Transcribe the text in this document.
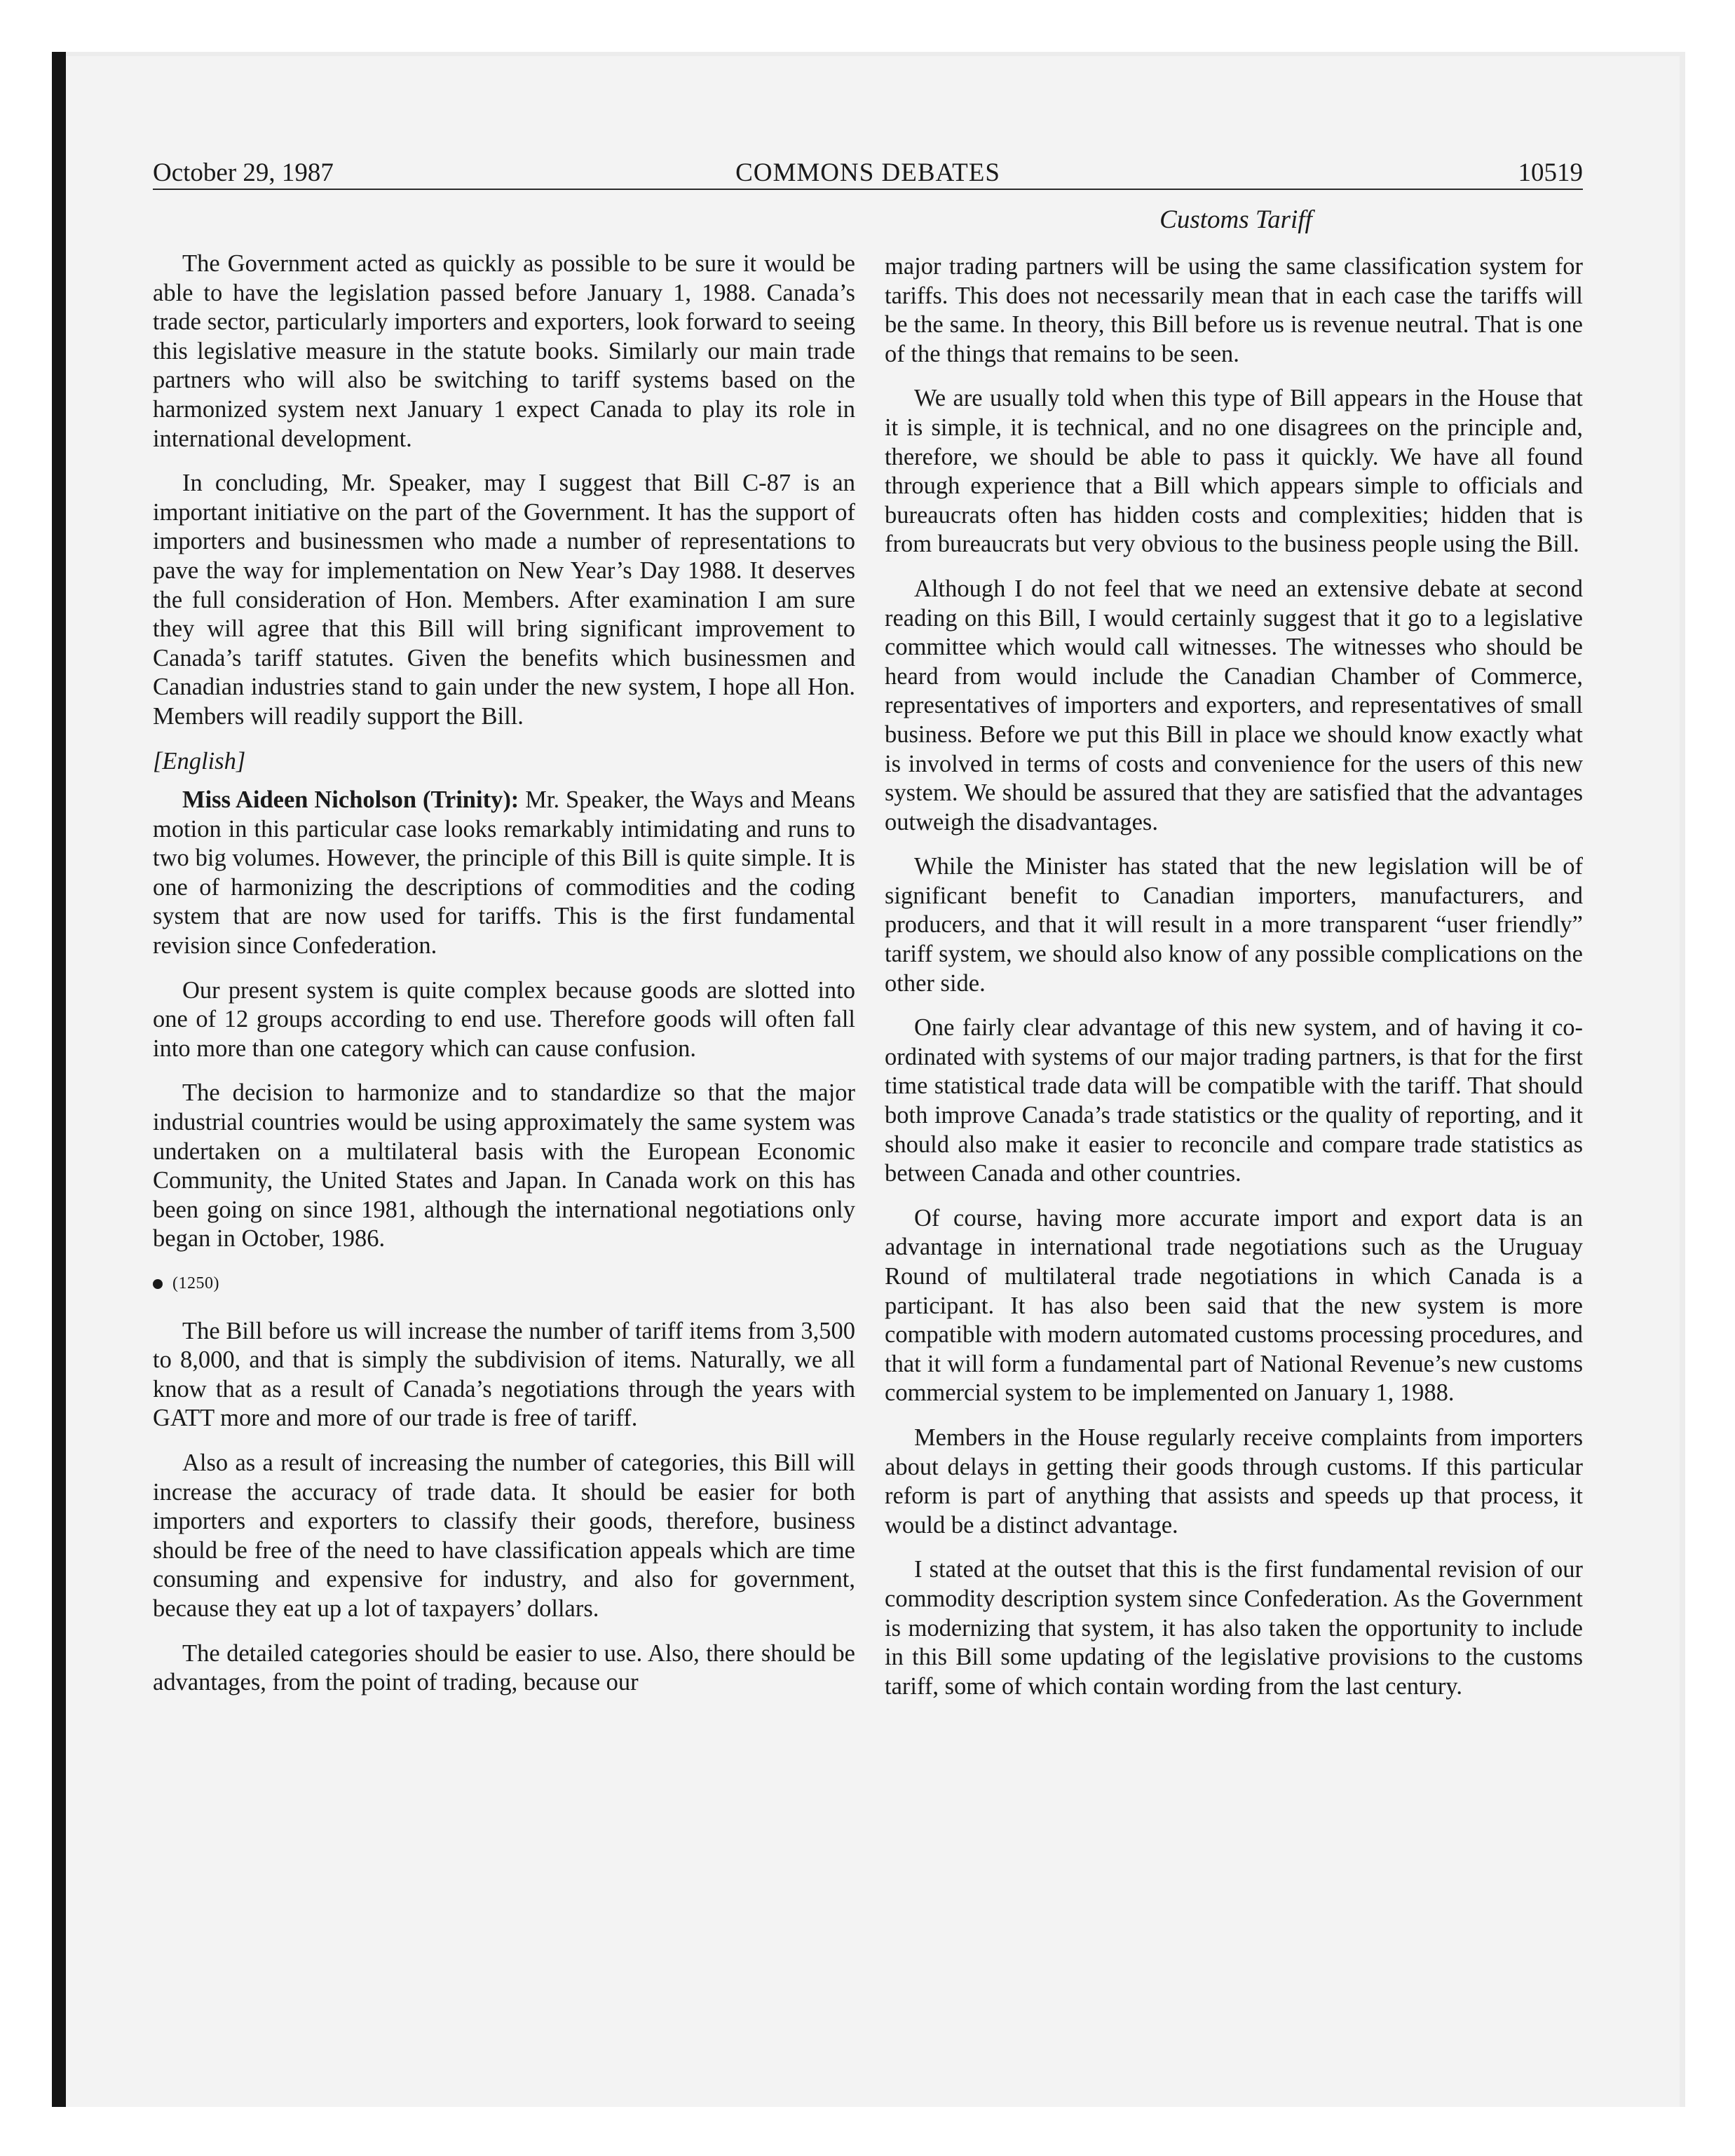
October 29, 1987	COMMONS DEBATES	10519
Customs Tariff

The Government acted as quickly as possible to be sure it would be able to have the legislation passed before January 1, 1988. Canada’s trade sector, particularly importers and exporters, look forward to seeing this legislative measure in the statute books. Similarly our main trade partners who will also be switching to tariff systems based on the harmonized system next January 1 expect Canada to play its role in international development.

In concluding, Mr. Speaker, may I suggest that Bill C-87 is an important initiative on the part of the Government. It has the support of importers and businessmen who made a number of representations to pave the way for implementation on New Year’s Day 1988. It deserves the full consideration of Hon. Members. After examination I am sure they will agree that this Bill will bring significant improvement to Canada’s tariff statutes. Given the benefits which businessmen and Canadian industries stand to gain under the new system, I hope all Hon. Members will readily support the Bill.

[English]

Miss Aideen Nicholson (Trinity): Mr. Speaker, the Ways and Means motion in this particular case looks remarkably intimidating and runs to two big volumes. However, the principle of this Bill is quite simple. It is one of harmonizing the descriptions of commodities and the coding system that are now used for tariffs. This is the first fundamental revision since Confederation.

Our present system is quite complex because goods are slotted into one of 12 groups according to end use. Therefore goods will often fall into more than one category which can cause confusion.

The decision to harmonize and to standardize so that the major industrial countries would be using approximately the same system was undertaken on a multilateral basis with the European Economic Community, the United States and Japan. In Canada work on this has been going on since 1981, although the international negotiations only began in October, 1986.

(1250)

The Bill before us will increase the number of tariff items from 3,500 to 8,000, and that is simply the subdivision of items. Naturally, we all know that as a result of Canada’s negotiations through the years with GATT more and more of our trade is free of tariff.

Also as a result of increasing the number of categories, this Bill will increase the accuracy of trade data. It should be easier for both importers and exporters to classify their goods, therefore, business should be free of the need to have classification appeals which are time consuming and expensive for industry, and also for government, because they eat up a lot of taxpayers’ dollars.

The detailed categories should be easier to use. Also, there should be advantages, from the point of trading, because our

major trading partners will be using the same classification system for tariffs. This does not necessarily mean that in each case the tariffs will be the same. In theory, this Bill before us is revenue neutral. That is one of the things that remains to be seen.

We are usually told when this type of Bill appears in the House that it is simple, it is technical, and no one disagrees on the principle and, therefore, we should be able to pass it quickly. We have all found through experience that a Bill which appears simple to officials and bureaucrats often has hidden costs and complexities; hidden that is from bureaucrats but very obvious to the business people using the Bill.

Although I do not feel that we need an extensive debate at second reading on this Bill, I would certainly suggest that it go to a legislative committee which would call witnesses. The witnesses who should be heard from would include the Canadian Chamber of Commerce, representatives of importers and exporters, and representatives of small business. Before we put this Bill in place we should know exactly what is involved in terms of costs and convenience for the users of this new system. We should be assured that they are satisfied that the advantages outweigh the disadvantages.

While the Minister has stated that the new legislation will be of significant benefit to Canadian importers, manufacturers, and producers, and that it will result in a more transparent “user friendly” tariff system, we should also know of any possible complications on the other side.

One fairly clear advantage of this new system, and of having it co-ordinated with systems of our major trading partners, is that for the first time statistical trade data will be compatible with the tariff. That should both improve Canada’s trade statistics or the quality of reporting, and it should also make it easier to reconcile and compare trade statistics as between Canada and other countries.

Of course, having more accurate import and export data is an advantage in international trade negotiations such as the Uruguay Round of multilateral trade negotiations in which Canada is a participant. It has also been said that the new system is more compatible with modern automated customs processing procedures, and that it will form a fundamental part of National Revenue’s new customs commercial system to be implemented on January 1, 1988.

Members in the House regularly receive complaints from importers about delays in getting their goods through customs. If this particular reform is part of anything that assists and speeds up that process, it would be a distinct advantage.

I stated at the outset that this is the first fundamental revision of our commodity description system since Confederation. As the Government is modernizing that system, it has also taken the opportunity to include in this Bill some updating of the legislative provisions to the customs tariff, some of which contain wording from the last century.
